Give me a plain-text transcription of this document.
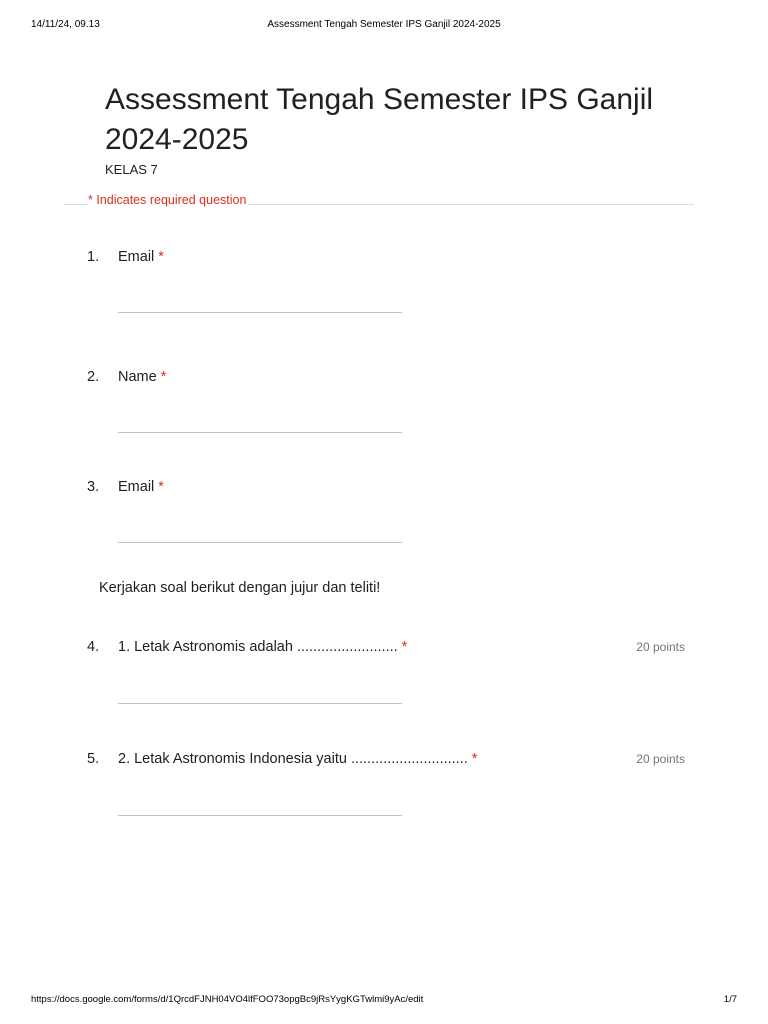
14/11/24, 09.13	Assessment Tengah Semester IPS Ganjil 2024-2025
Assessment Tengah Semester IPS Ganjil 2024-2025
KELAS 7
* Indicates required question
1. Email *
2. Name *
3. Email *
Kerjakan soal berikut dengan jujur dan teliti!
4. 1. Letak Astronomis adalah ......................... *	20 points
5. 2. Letak Astronomis Indonesia yaitu ............................. *	20 points
https://docs.google.com/forms/d/1QrcdFJNH04VO4lfFOO73opgBc9jRsYygKGTwlmi9yAc/edit	1/7
